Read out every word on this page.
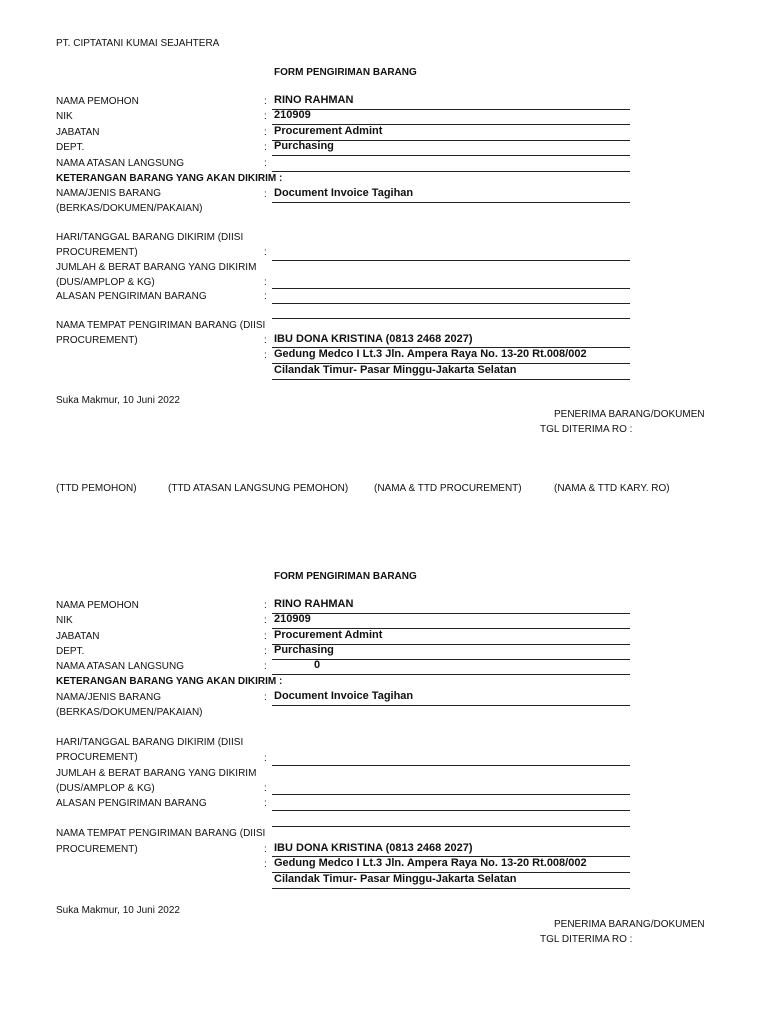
PT. CIPTATANI KUMAI SEJAHTERA
FORM PENGIRIMAN BARANG
NAMA PEMOHON	: RINO RAHMAN
NIK	: 210909
JABATAN	: Procurement Admint
DEPT.	: Purchasing
NAMA ATASAN LANGSUNG	:
KETERANGAN BARANG YANG AKAN DIKIRIM :
NAMA/JENIS BARANG
(BERKAS/DOKUMEN/PAKAIAN)
: Document Invoice Tagihan
HARI/TANGGAL BARANG DIKIRIM (DIISI
PROCUREMENT)	:
JUMLAH & BERAT BARANG YANG DIKIRIM
(DUS/AMPLOP & KG)	:
ALASAN PENGIRIMAN BARANG	:
NAMA TEMPAT PENGIRIMAN BARANG (DIISI
PROCUREMENT)	: IBU DONA KRISTINA (0813 2468 2027)
: Gedung Medco I Lt.3 Jln. Ampera Raya No. 13-20 Rt.008/002
Cilandak Timur- Pasar Minggu-Jakarta Selatan
Suka Makmur, 10 Juni 2022
PENERIMA BARANG/DOKUMEN
TGL DITERIMA RO :
(TTD PEMOHON)	(TTD ATASAN LANGSUNG PEMOHON)	(NAMA & TTD PROCUREMENT)	(NAMA & TTD KARY. RO)
FORM PENGIRIMAN BARANG
NAMA PEMOHON	: RINO RAHMAN
NIK	: 210909
JABATAN	: Procurement Admint
DEPT.	: Purchasing
NAMA ATASAN LANGSUNG	:	0
KETERANGAN BARANG YANG AKAN DIKIRIM :
NAMA/JENIS BARANG
(BERKAS/DOKUMEN/PAKAIAN)
: Document Invoice Tagihan
HARI/TANGGAL BARANG DIKIRIM (DIISI
PROCUREMENT)	:
JUMLAH & BERAT BARANG YANG DIKIRIM
(DUS/AMPLOP & KG)	:
ALASAN PENGIRIMAN BARANG	:
NAMA TEMPAT PENGIRIMAN BARANG (DIISI
PROCUREMENT)	: IBU DONA KRISTINA (0813 2468 2027)
: Gedung Medco I Lt.3 Jln. Ampera Raya No. 13-20 Rt.008/002
Cilandak Timur- Pasar Minggu-Jakarta Selatan
Suka Makmur, 10 Juni 2022
PENERIMA BARANG/DOKUMEN
TGL DITERIMA RO :
